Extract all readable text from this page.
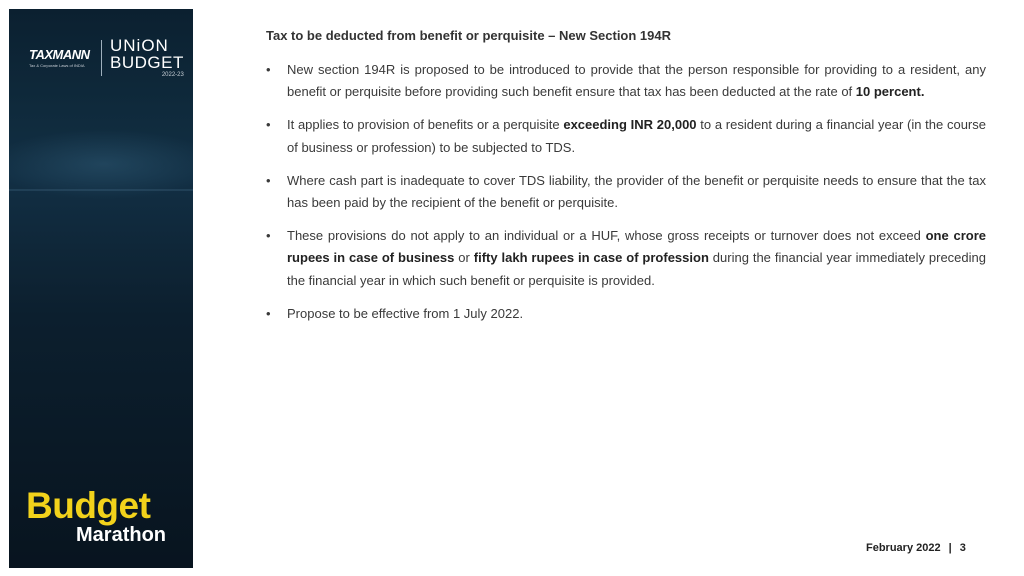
TAXMANN
Tax & Corporate Laws of INDIA
UNiON
BUDGET
2022-23
Budget
Marathon
Tax to be deducted from benefit or perquisite – New Section 194R
• New section 194R is proposed to be introduced to provide that the person responsible for providing to a resident, any benefit or perquisite before providing such benefit ensure that tax has been deducted at the rate of 10 percent.
• It applies to provision of benefits or a perquisite exceeding INR 20,000 to a resident during a financial year (in the course of business or profession) to be subjected to TDS.
• Where cash part is inadequate to cover TDS liability, the provider of the benefit or perquisite needs to ensure that the tax has been paid by the recipient of the benefit or perquisite.
• These provisions do not apply to an individual or a HUF, whose gross receipts or turnover does not exceed one crore rupees in case of business or fifty lakh rupees in case of profession during the financial year immediately preceding the financial year in which such benefit or perquisite is provided.
• Propose to be effective from 1 July 2022.
February 2022 | 3
